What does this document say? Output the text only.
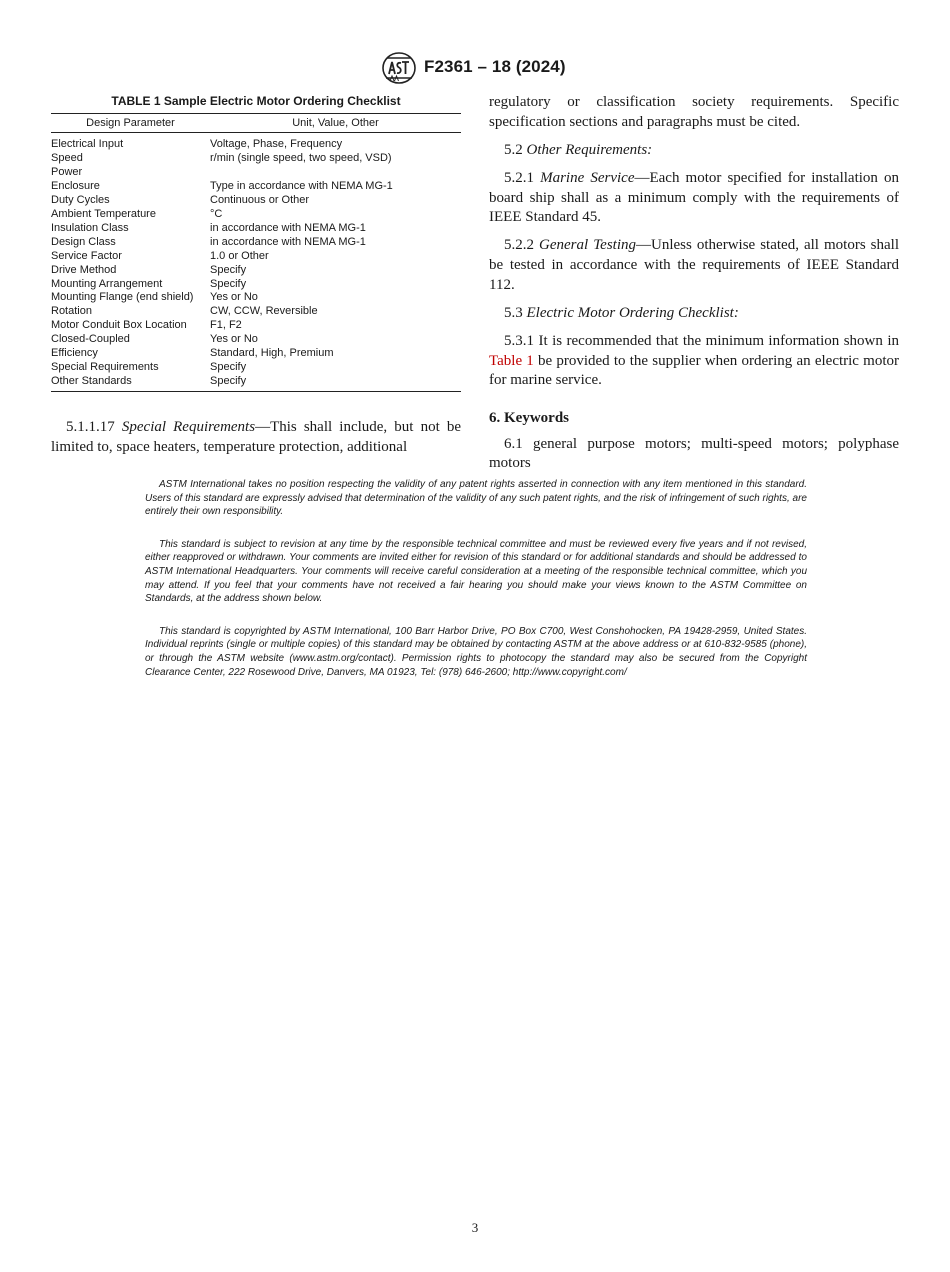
F2361 – 18 (2024)
TABLE 1 Sample Electric Motor Ordering Checklist
Design Parameter	Unit, Value, Other
Electrical Input	Voltage, Phase, Frequency
Speed	r/min (single speed, two speed, VSD)
Power	
Enclosure	Type in accordance with NEMA MG-1
Duty Cycles	Continuous or Other
Ambient Temperature	°C
Insulation Class	in accordance with NEMA MG-1
Design Class	in accordance with NEMA MG-1
Service Factor	1.0 or Other
Drive Method	Specify
Mounting Arrangement	Specify
Mounting Flange (end shield)	Yes or No
Rotation	CW, CCW, Reversible
Motor Conduit Box Location	F1, F2
Closed-Coupled	Yes or No
Efficiency	Standard, High, Premium
Special Requirements	Specify
Other Standards	Specify

5.1.1.17 Special Requirements—This shall include, but not be limited to, space heaters, temperature protection, additional

regulatory or classification society requirements. Specific specification sections and paragraphs must be cited.

5.2 Other Requirements:

5.2.1 Marine Service—Each motor specified for installation on board ship shall as a minimum comply with the requirements of IEEE Standard 45.

5.2.2 General Testing—Unless otherwise stated, all motors shall be tested in accordance with the requirements of IEEE Standard 112.

5.3 Electric Motor Ordering Checklist:

5.3.1 It is recommended that the minimum information shown in Table 1 be provided to the supplier when ordering an electric motor for marine service.

6. Keywords

6.1 general purpose motors; multi-speed motors; polyphase motors

ASTM International takes no position respecting the validity of any patent rights asserted in connection with any item mentioned in this standard. Users of this standard are expressly advised that determination of the validity of any such patent rights, and the risk of infringement of such rights, are entirely their own responsibility.

This standard is subject to revision at any time by the responsible technical committee and must be reviewed every five years and if not revised, either reapproved or withdrawn. Your comments are invited either for revision of this standard or for additional standards and should be addressed to ASTM International Headquarters. Your comments will receive careful consideration at a meeting of the responsible technical committee, which you may attend. If you feel that your comments have not received a fair hearing you should make your views known to the ASTM Committee on Standards, at the address shown below.

This standard is copyrighted by ASTM International, 100 Barr Harbor Drive, PO Box C700, West Conshohocken, PA 19428-2959, United States. Individual reprints (single or multiple copies) of this standard may be obtained by contacting ASTM at the above address or at 610-832-9585 (phone), or through the ASTM website (www.astm.org/contact). Permission rights to photocopy the standard may also be secured from the Copyright Clearance Center, 222 Rosewood Drive, Danvers, MA 01923, Tel: (978) 646-2600; http://www.copyright.com/

3
